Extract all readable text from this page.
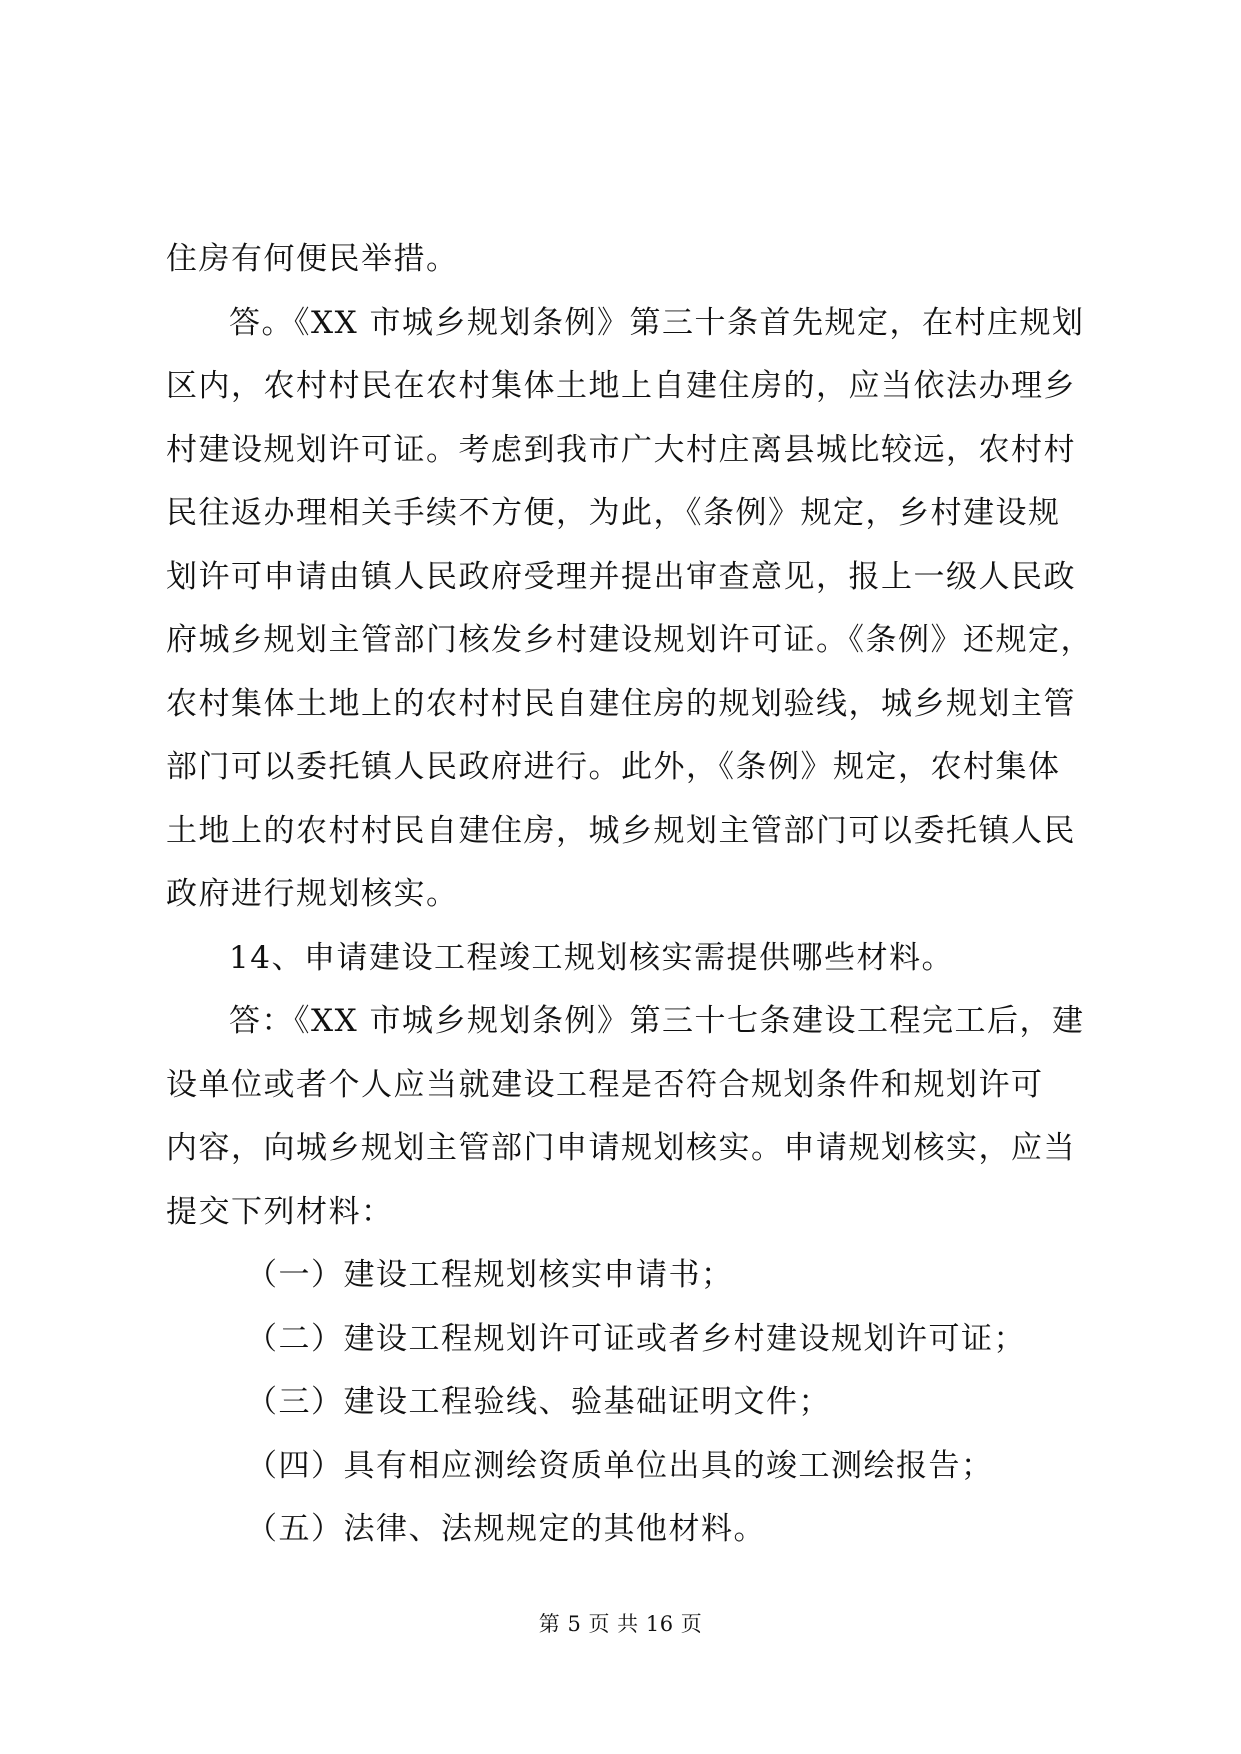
住房有何便民举措。
答。《XX 市城乡规划条例》第三十条首先规定，在村庄规划
区内，农村村民在农村集体土地上自建住房的，应当依法办理乡
村建设规划许可证。考虑到我市广大村庄离县城比较远，农村村
民往返办理相关手续不方便，为此，《条例》规定，乡村建设规
划许可申请由镇人民政府受理并提出审查意见，报上一级人民政
府城乡规划主管部门核发乡村建设规划许可证。《条例》还规定，
农村集体土地上的农村村民自建住房的规划验线，城乡规划主管
部门可以委托镇人民政府进行。此外，《条例》规定，农村集体
土地上的农村村民自建住房，城乡规划主管部门可以委托镇人民
政府进行规划核实。
14、申请建设工程竣工规划核实需提供哪些材料。
答：《XX 市城乡规划条例》第三十七条建设工程完工后，建
设单位或者个人应当就建设工程是否符合规划条件和规划许可
内容，向城乡规划主管部门申请规划核实。申请规划核实，应当
提交下列材料：
（一）建设工程规划核实申请书；
（二）建设工程规划许可证或者乡村建设规划许可证；
（三）建设工程验线、验基础证明文件；
（四）具有相应测绘资质单位出具的竣工测绘报告；
（五）法律、法规规定的其他材料。
第 5 页 共 16 页
